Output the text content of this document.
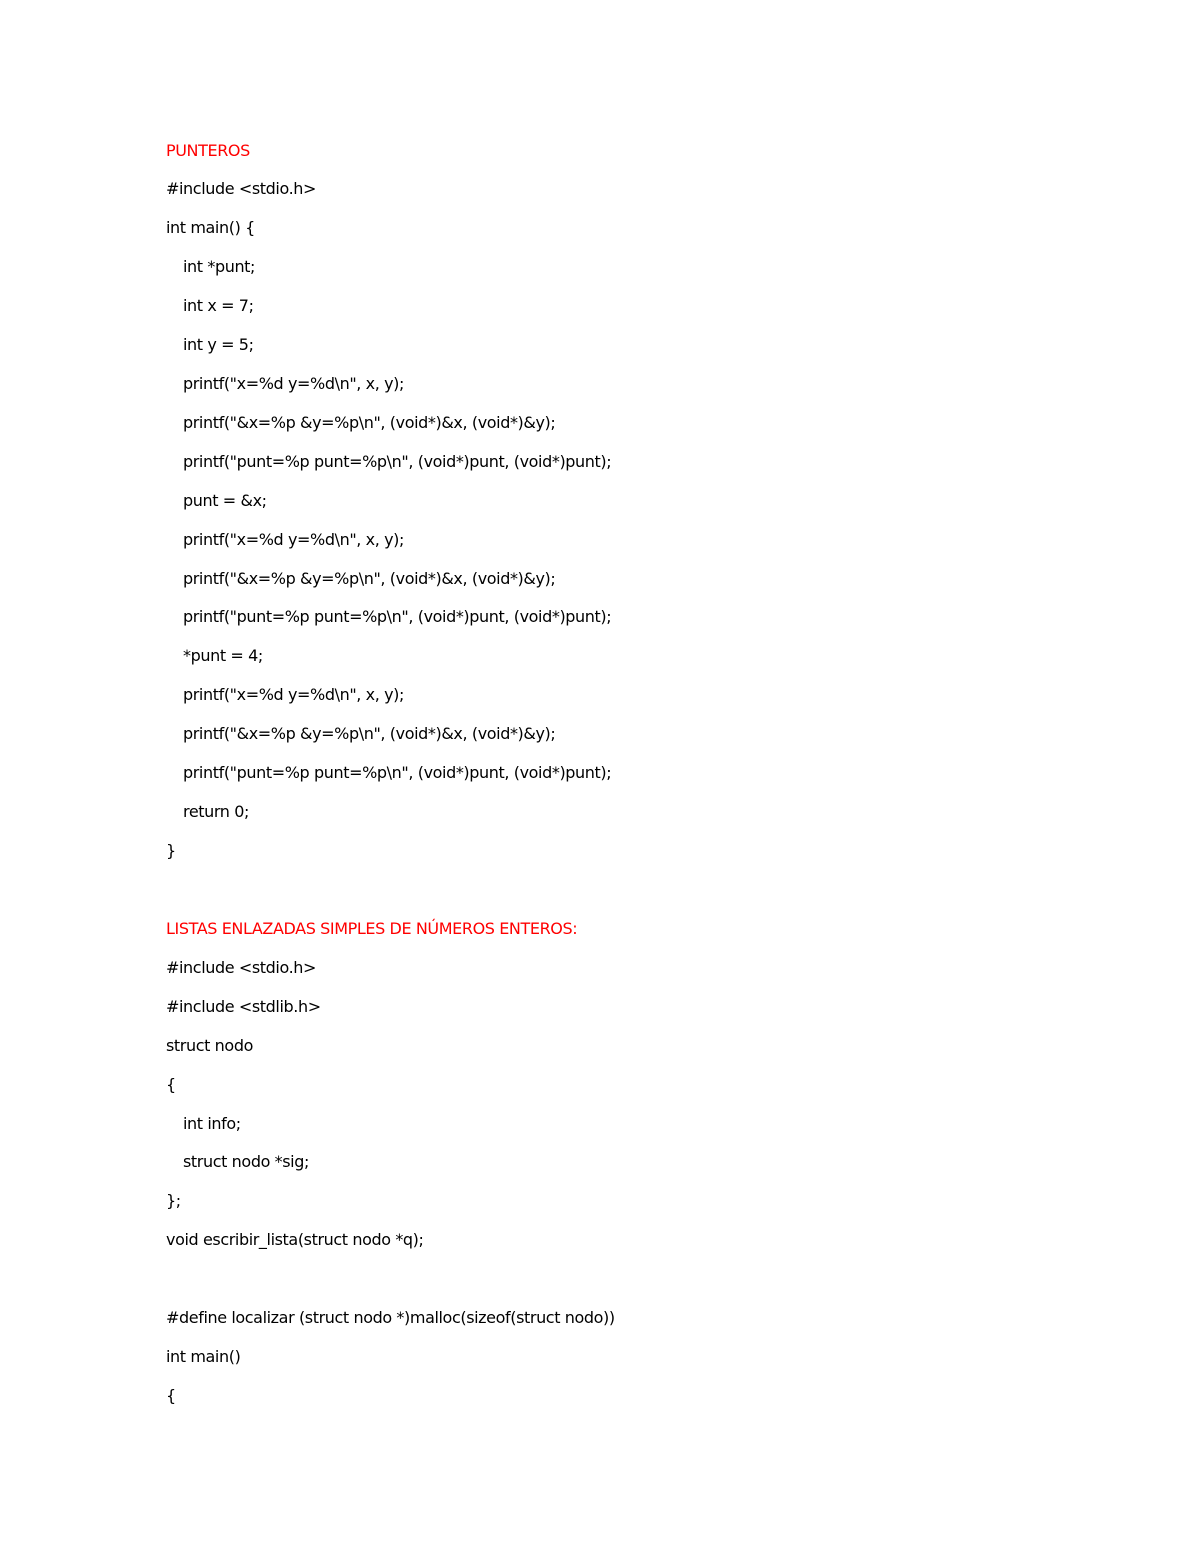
PUNTEROS
#include <stdio.h>
int main() {
int *punt;
int x = 7;
int y = 5;
printf("x=%d y=%d\n", x, y);
printf("&x=%p &y=%p\n", (void*)&x, (void*)&y);
printf("punt=%p punt=%p\n", (void*)punt, (void*)punt);
punt = &x;
printf("x=%d y=%d\n", x, y);
printf("&x=%p &y=%p\n", (void*)&x, (void*)&y);
printf("punt=%p punt=%p\n", (void*)punt, (void*)punt);
*punt = 4;
printf("x=%d y=%d\n", x, y);
printf("&x=%p &y=%p\n", (void*)&x, (void*)&y);
printf("punt=%p punt=%p\n", (void*)punt, (void*)punt);
return 0;
}
LISTAS ENLAZADAS SIMPLES DE NÚMEROS ENTEROS:
#include <stdio.h>
#include <stdlib.h>
struct nodo
{
int info;
struct nodo *sig;
};
void escribir_lista(struct nodo *q);
#define localizar (struct nodo *)malloc(sizeof(struct nodo))
int main()
{
